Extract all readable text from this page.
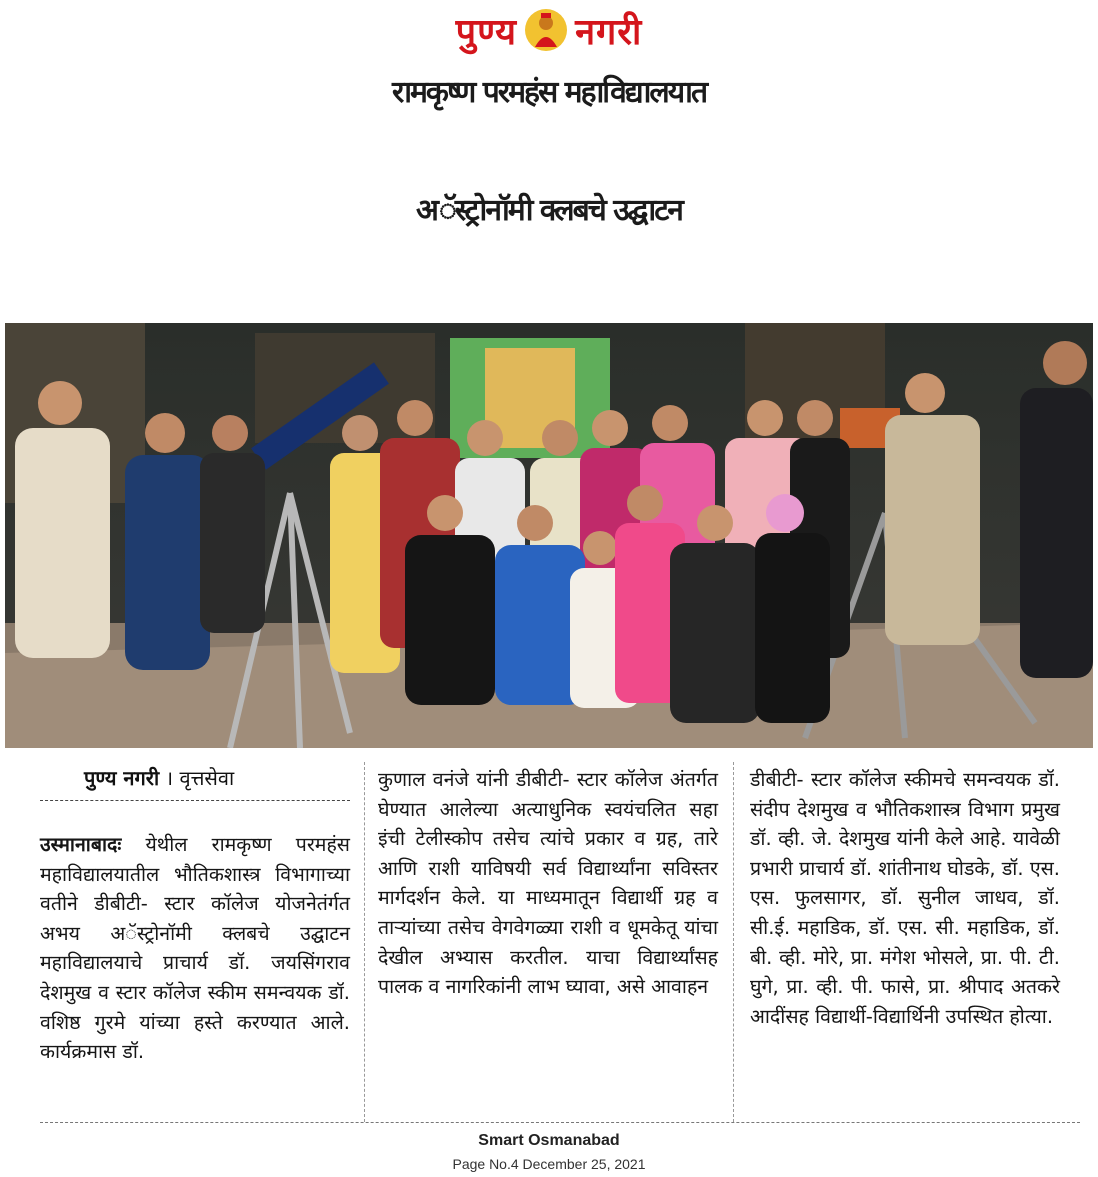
पुण्य नगरी
रामकृष्ण परमहंस महाविद्यालयात
अॅस्ट्रोनॉमी क्लबचे उद्घाटन
पुण्य नगरी । वृत्तसेवा

उस्मानाबादः येथील रामकृष्ण परमहंस महाविद्यालयातील भौतिकशास्त्र विभागाच्या वतीने डीबीटी- स्टार कॉलेज योजनेतंर्गत अभय अॅस्ट्रोनॉमी क्लबचे उद्घाटन महाविद्यालयाचे प्राचार्य डॉ. जयसिंगराव देशमुख व स्टार कॉलेज स्कीम समन्वयक डॉ. वशिष्ठ गुरमे यांच्या हस्ते करण्यात आले. कार्यक्रमास डॉ.

कुणाल वनंजे यांनी डीबीटी- स्टार कॉलेज अंतर्गत घेण्यात आलेल्या अत्याधुनिक स्वयंचलित सहा इंची टेलीस्कोप तसेच त्यांचे प्रकार व ग्रह, तारे आणि राशी याविषयी सर्व विद्यार्थ्यांना सविस्तर मार्गदर्शन केले. या माध्यमातून विद्यार्थी ग्रह व ताऱ्यांच्या तसेच वेगवेगळ्या राशी व धूमकेतू यांचा देखील अभ्यास करतील. याचा विद्यार्थ्यांसह पालक व नागरिकांनी लाभ घ्यावा, असे आवाहन

डीबीटी- स्टार कॉलेज स्कीमचे समन्वयक डॉ. संदीप देशमुख व भौतिकशास्त्र विभाग प्रमुख डॉ. व्ही. जे. देशमुख यांनी केले आहे. यावेळी प्रभारी प्राचार्य डॉ. शांतीनाथ घोडके, डॉ. एस. एस. फुलसागर, डॉ. सुनील जाधव, डॉ. सी.ई. महाडिक, डॉ. एस. सी. महाडिक, डॉ. बी. व्ही. मोरे, प्रा. मंगेश भोसले, प्रा. पी. टी. घुगे, प्रा. व्ही. पी. फासे, प्रा. श्रीपाद अतकरे आदींसह विद्यार्थी-विद्यार्थिनी उपस्थित होत्या.

Smart Osmanabad
Page No.4 December 25, 2021
